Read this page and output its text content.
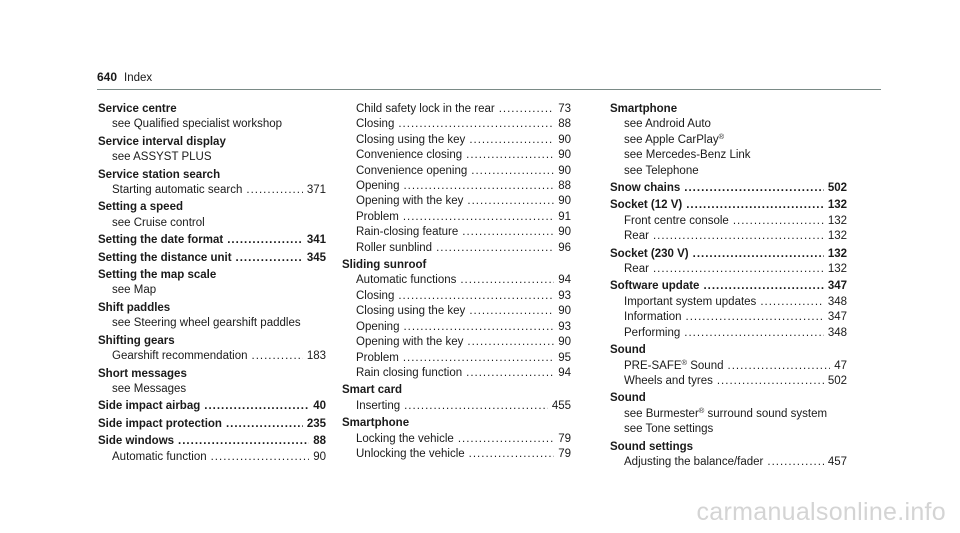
640 Index
Service centre
see Qualified specialist workshop
Service interval display
see ASSYST PLUS
Service station search
Starting automatic search .....	371
Setting a speed
see Cruise control
Setting the date format .....	341
Setting the distance unit .....	345
Setting the map scale
see Map
Shift paddles
see Steering wheel gearshift paddles
Shifting gears
Gearshift recommendation .....	183
Short messages
see Messages
Side impact airbag .....	40
Side impact protection .....	235
Side windows .....	88
Automatic function .....	90
Child safety lock in the rear .....	73
Closing .....	88
Closing using the key .....	90
Convenience closing .....	90
Convenience opening .....	90
Opening .....	88
Opening with the key .....	90
Problem .....	91
Rain-closing feature .....	90
Roller sunblind .....	96
Sliding sunroof
Automatic functions .....	94
Closing .....	93
Closing using the key .....	90
Opening .....	93
Opening with the key .....	90
Problem .....	95
Rain closing function .....	94
Smart card
Inserting .....	455
Smartphone
Locking the vehicle .....	79
Unlocking the vehicle .....	79
Smartphone
see Android Auto
see Apple CarPlay®
see Mercedes-Benz Link
see Telephone
Snow chains .....	502
Socket (12 V) .....	132
Front centre console .....	132
Rear .....	132
Socket (230 V) .....	132
Rear .....	132
Software update .....	347
Important system updates .....	348
Information .....	347
Performing .....	348
Sound
PRE-SAFE® Sound .....	47
Wheels and tyres .....	502
Sound
see Burmester® surround sound system
see Tone settings
Sound settings
Adjusting the balance/fader .....	457
carmanualsonline.info
